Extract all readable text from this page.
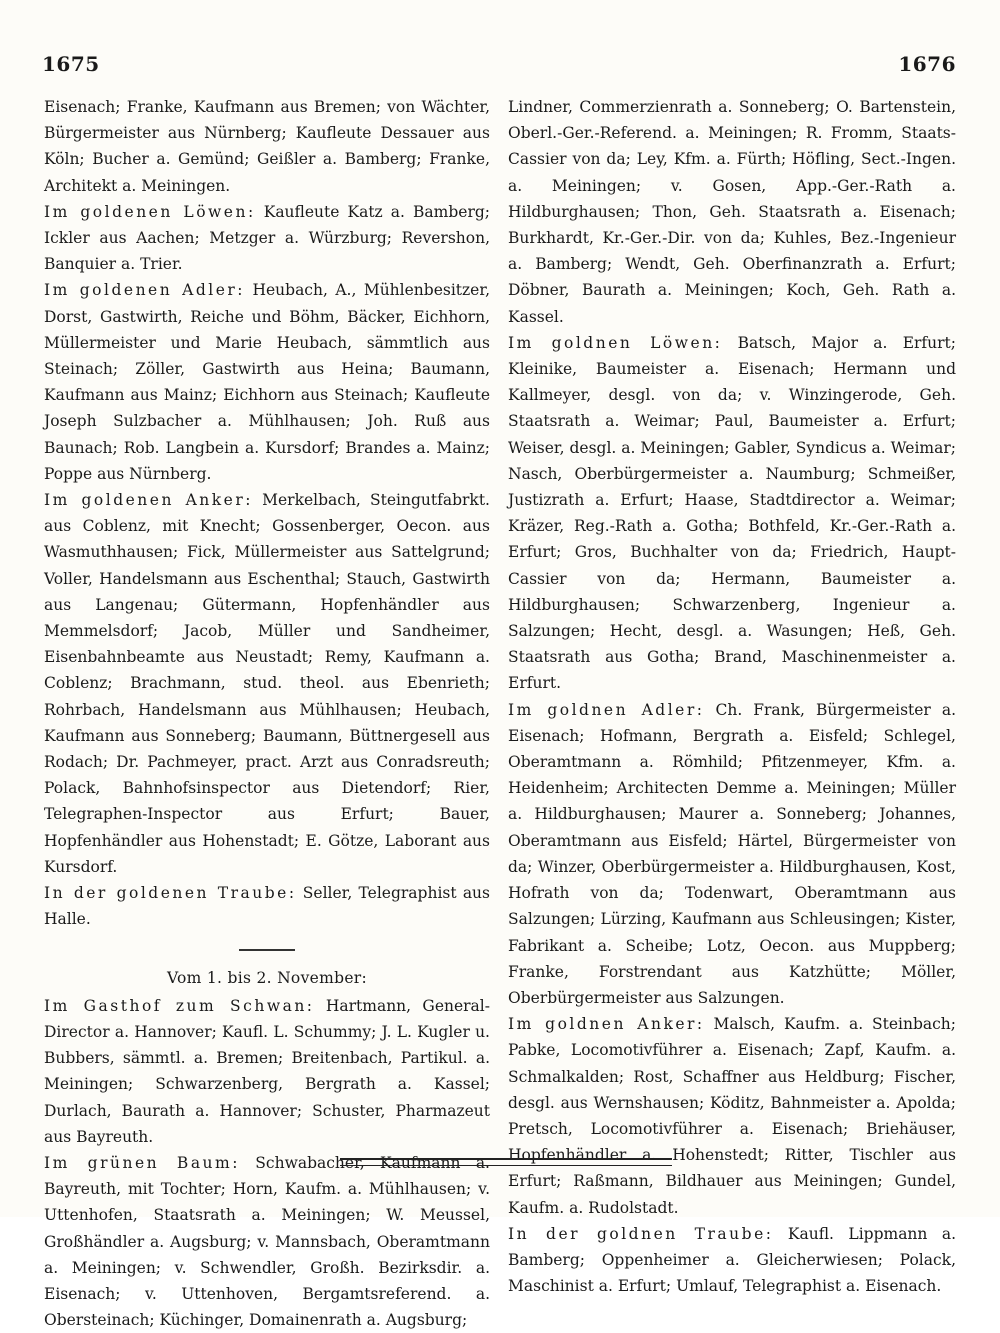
1675	1676

Eisenach; Franke, Kaufmann aus Bremen; von Wächter, Bürgermeister aus Nürnberg; Kaufleute Dessauer aus Köln; Bucher a. Gemünd; Geißler a. Bamberg; Franke, Architekt a. Meiningen.

Im goldenen Löwen: Kaufleute Katz a. Bamberg; Ickler aus Aachen; Metzger a. Würzburg; Revershon, Banquier a. Trier.

Im goldenen Adler: Heubach, A., Mühlenbesitzer, Dorst, Gastwirth, Reiche und Böhm, Bäcker, Eichhorn, Müllermeister und Marie Heubach, sämmtlich aus Steinach; Zöller, Gastwirth aus Heina; Baumann, Kaufmann aus Mainz; Eichhorn aus Steinach; Kaufleute Joseph Sulzbacher a. Mühlhausen; Joh. Ruß aus Baunach; Rob. Langbein a. Kursdorf; Brandes a. Mainz; Poppe aus Nürnberg.

Im goldenen Anker: Merkelbach, Steingutfabrkt. aus Coblenz, mit Knecht; Gossenberger, Oecon. aus Wasmuthhausen; Fick, Müllermeister aus Sattelgrund; Voller, Handelsmann aus Eschenthal; Stauch, Gastwirth aus Langenau; Gütermann, Hopfenhändler aus Memmelsdorf; Jacob, Müller und Sandheimer, Eisenbahnbeamte aus Neustadt; Remy, Kaufmann a. Coblenz; Brachmann, stud. theol. aus Ebenrieth; Rohrbach, Handelsmann aus Mühlhausen; Heubach, Kaufmann aus Sonneberg; Baumann, Büttnergesell aus Rodach; Dr. Pachmeyer, pract. Arzt aus Conradsreuth; Polack, Bahnhofsinspector aus Dietendorf; Rier, Telegraphen-Inspector aus Erfurt; Bauer, Hopfenhändler aus Hohenstadt; E. Götze, Laborant aus Kursdorf.

In der goldenen Traube: Seller, Telegraphist aus Halle.

Vom 1. bis 2. November:

Im Gasthof zum Schwan: Hartmann, General-Director a. Hannover; Kaufl. L. Schummy; J. L. Kugler u. Bubbers, sämmtl. a. Bremen; Breitenbach, Partikul. a. Meiningen; Schwarzenberg, Bergrath a. Kassel; Durlach, Baurath a. Hannover; Schuster, Pharmazeut aus Bayreuth.

Im grünen Baum: Schwabacher, Kaufmann a. Bayreuth, mit Tochter; Horn, Kaufm. a. Mühlhausen; v. Uttenhofen, Staatsrath a. Meiningen; W. Meussel, Großhändler a. Augsburg; v. Mannsbach, Oberamtmann a. Meiningen; v. Schwendler, Großh. Bezirksdir. a. Eisenach; v. Uttenhoven, Bergamtsreferend. a. Obersteinach; Küchinger, Domainenrath a. Augsburg;

Lindner, Commerzienrath a. Sonneberg; O. Bartenstein, Oberl.-Ger.-Referend. a. Meiningen; R. Fromm, Staats-Cassier von da; Ley, Kfm. a. Fürth; Höfling, Sect.-Ingen. a. Meiningen; v. Gosen, App.-Ger.-Rath a. Hildburghausen; Thon, Geh. Staatsrath a. Eisenach; Burkhardt, Kr.-Ger.-Dir. von da; Kuhles, Bez.-Ingenieur a. Bamberg; Wendt, Geh. Oberfinanzrath a. Erfurt; Döbner, Baurath a. Meiningen; Koch, Geh. Rath a. Kassel.

Im goldnen Löwen: Batsch, Major a. Erfurt; Kleinike, Baumeister a. Eisenach; Hermann und Kallmeyer, desgl. von da; v. Winzingerode, Geh. Staatsrath a. Weimar; Paul, Baumeister a. Erfurt; Weiser, desgl. a. Meiningen; Gabler, Syndicus a. Weimar; Nasch, Oberbürgermeister a. Naumburg; Schmeißer, Justizrath a. Erfurt; Haase, Stadtdirector a. Weimar; Kräzer, Reg.-Rath a. Gotha; Bothfeld, Kr.-Ger.-Rath a. Erfurt; Gros, Buchhalter von da; Friedrich, Haupt-Cassier von da; Hermann, Baumeister a. Hildburghausen; Schwarzenberg, Ingenieur a. Salzungen; Hecht, desgl. a. Wasungen; Heß, Geh. Staatsrath aus Gotha; Brand, Maschinenmeister a. Erfurt.

Im goldnen Adler: Ch. Frank, Bürgermeister a. Eisenach; Hofmann, Bergrath a. Eisfeld; Schlegel, Oberamtmann a. Römhild; Pfitzenmeyer, Kfm. a. Heidenheim; Architecten Demme a. Meiningen; Müller a. Hildburghausen; Maurer a. Sonneberg; Johannes, Oberamtmann aus Eisfeld; Härtel, Bürgermeister von da; Winzer, Oberbürgermeister a. Hildburghausen, Kost, Hofrath von da; Todenwart, Oberamtmann aus Salzungen; Lürzing, Kaufmann aus Schleusingen; Kister, Fabrikant a. Scheibe; Lotz, Oecon. aus Muppberg; Franke, Forstrendant aus Katzhütte; Möller, Oberbürgermeister aus Salzungen.

Im goldnen Anker: Malsch, Kaufm. a. Steinbach; Pabke, Locomotivführer a. Eisenach; Zapf, Kaufm. a. Schmalkalden; Rost, Schaffner aus Heldburg; Fischer, desgl. aus Wernshausen; Köditz, Bahnmeister a. Apolda; Pretsch, Locomotivführer a. Eisenach; Briehäuser, Hopfenhändler a. Hohenstedt; Ritter, Tischler aus Erfurt; Raßmann, Bildhauer aus Meiningen; Gundel, Kaufm. a. Rudolstadt.

In der goldnen Traube: Kaufl. Lippmann a. Bamberg; Oppenheimer a. Gleicherwiesen; Polack, Maschinist a. Erfurt; Umlauf, Telegraphist a. Eisenach.
